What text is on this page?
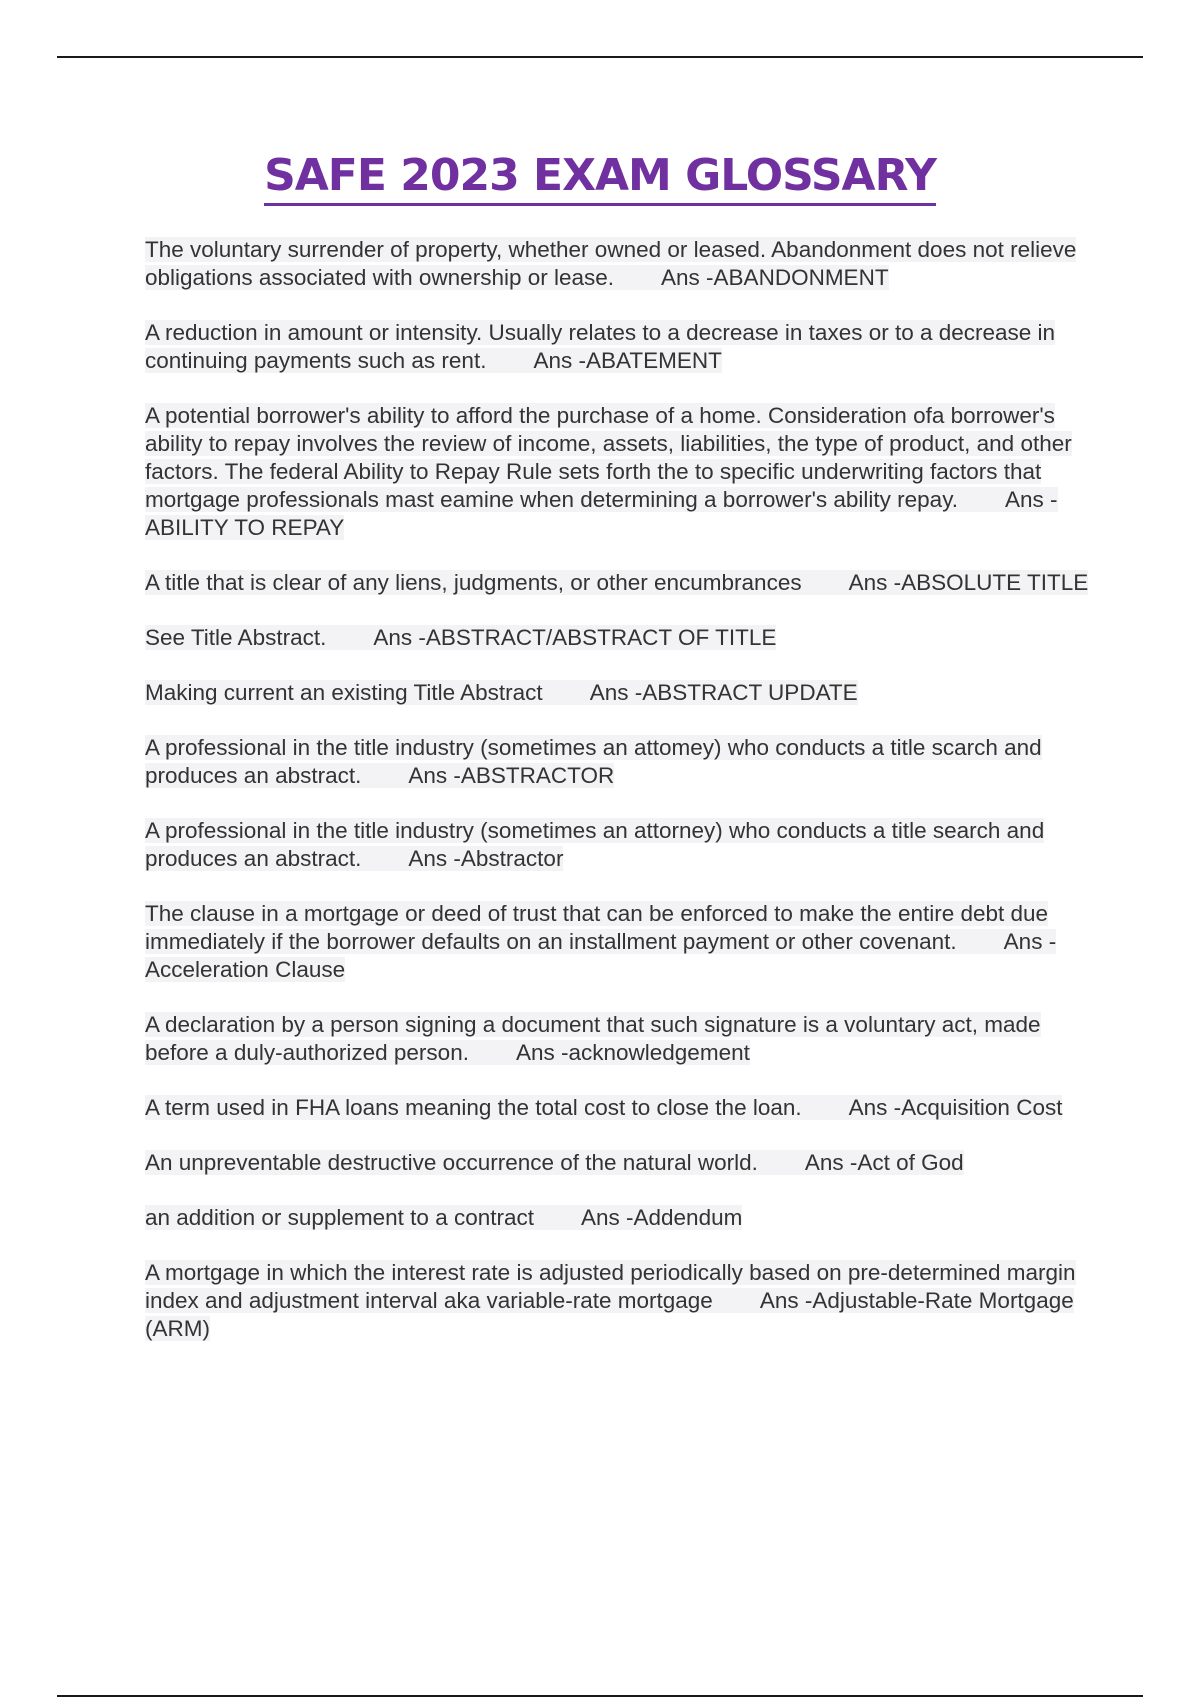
SAFE 2023 EXAM GLOSSARY

The voluntary surrender of property, whether owned or leased. Abandonment does not relieve obligations associated with ownership or lease. Ans -ABANDONMENT

A reduction in amount or intensity. Usually relates to a decrease in taxes or to a decrease in continuing payments such as rent. Ans -ABATEMENT

A potential borrower's ability to afford the purchase of a home. Consideration ofa borrower's ability to repay involves the review of income, assets, liabilities, the type of product, and other factors. The federal Ability to Repay Rule sets forth the to specific underwriting factors that mortgage professionals mast eamine when determining a borrower's ability repay. Ans -ABILITY TO REPAY

A title that is clear of any liens, judgments, or other encumbrances Ans -ABSOLUTE TITLE

See Title Abstract. Ans -ABSTRACT/ABSTRACT OF TITLE

Making current an existing Title Abstract Ans -ABSTRACT UPDATE

A professional in the title industry (sometimes an attomey) who conducts a title scarch and produces an abstract. Ans -ABSTRACTOR

A professional in the title industry (sometimes an attorney) who conducts a title search and produces an abstract. Ans -Abstractor

The clause in a mortgage or deed of trust that can be enforced to make the entire debt due immediately if the borrower defaults on an installment payment or other covenant. Ans -Acceleration Clause

A declaration by a person signing a document that such signature is a voluntary act, made before a duly-authorized person. Ans -acknowledgement

A term used in FHA loans meaning the total cost to close the loan. Ans -Acquisition Cost

An unpreventable destructive occurrence of the natural world. Ans -Act of God

an addition or supplement to a contract Ans -Addendum

A mortgage in which the interest rate is adjusted periodically based on pre-determined margin index and adjustment interval aka variable-rate mortgage Ans -Adjustable-Rate Mortgage (ARM)
